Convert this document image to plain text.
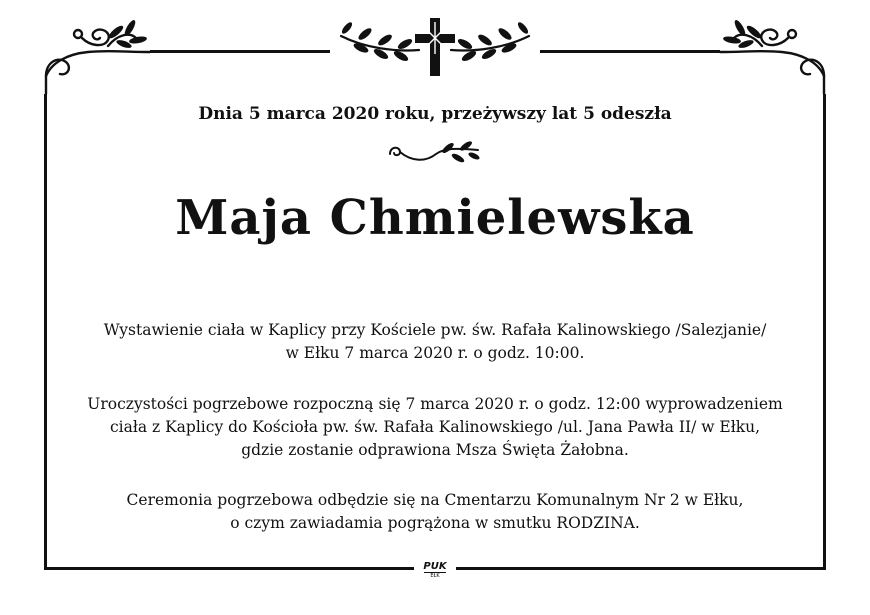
Dnia 5 marca 2020 roku, przeżywszy lat 5 odeszła
Maja Chmielewska
Wystawienie ciała w Kaplicy przy Kościele pw. św. Rafała Kalinowskiego /Salezjanie/
w Ełku 7 marca 2020 r. o godz. 10:00.
Uroczystości pogrzebowe rozpoczną się 7 marca 2020 r. o godz. 12:00 wyprowadzeniem
ciała z Kaplicy do Kościoła pw. św. Rafała Kalinowskiego /ul. Jana Pawła II/ w Ełku,
gdzie zostanie odprawiona Msza Święta Żałobna.
Ceremonia pogrzebowa odbędzie się na Cmentarzu Komunalnym Nr 2 w Ełku,
o czym zawiadamia pogrążona w smutku RODZINA.
PUK
EŁK
